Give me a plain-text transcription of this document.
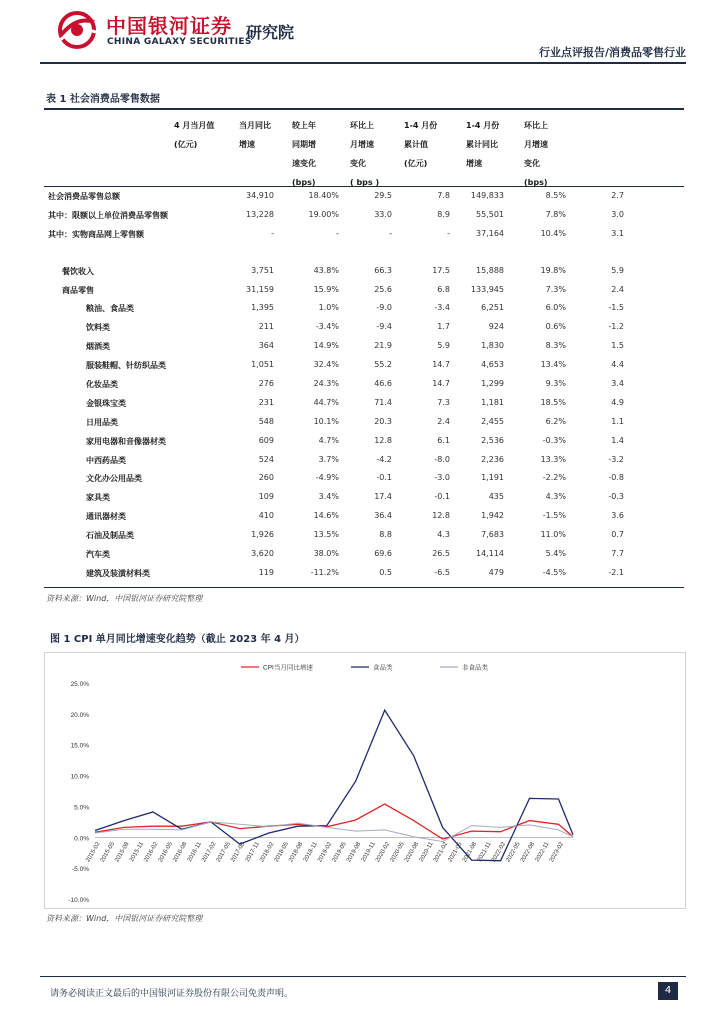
中国银河证券
CHINA GALAXY SECURITIES
研究院
行业点评报告/消费品零售行业
表 1 社会消费品零售数据
4 月当月值
(亿元)
当月同比
增速
较上年
同期增
速变化
(bps)
环比上
月增速
变化
( bps )
1-4 月份
累计值
(亿元)
1-4 月份
累计同比
增速
环比上
月增速
变化
(bps)
社会消费品零售总额	34,910	18.40%	29.5	7.8	149,833	8.5%	2.7
其中：限额以上单位消费品零售额	13,228	19.00%	33.0	8.9	55,501	7.8%	3.0
其中：实物商品网上零售额	-	-	-	-	37,164	10.4%	3.1
餐饮收入	3,751	43.8%	66.3	17.5	15,888	19.8%	5.9
商品零售	31,159	15.9%	25.6	6.8	133,945	7.3%	2.4
粮油、食品类	1,395	1.0%	-9.0	-3.4	6,251	6.0%	-1.5
饮料类	211	-3.4%	-9.4	1.7	924	0.6%	-1.2
烟酒类	364	14.9%	21.9	5.9	1,830	8.3%	1.5
服装鞋帽、针纺织品类	1,051	32.4%	55.2	14.7	4,653	13.4%	4.4
化妆品类	276	24.3%	46.6	14.7	1,299	9.3%	3.4
金银珠宝类	231	44.7%	71.4	7.3	1,181	18.5%	4.9
日用品类	548	10.1%	20.3	2.4	2,455	6.2%	1.1
家用电器和音像器材类	609	4.7%	12.8	6.1	2,536	-0.3%	1.4
中西药品类	524	3.7%	-4.2	-8.0	2,236	13.3%	-3.2
文化办公用品类	260	-4.9%	-0.1	-3.0	1,191	-2.2%	-0.8
家具类	109	3.4%	17.4	-0.1	435	4.3%	-0.3
通讯器材类	410	14.6%	36.4	12.8	1,942	-1.5%	3.6
石油及制品类	1,926	13.5%	8.8	4.3	7,683	11.0%	0.7
汽车类	3,620	38.0%	69.6	26.5	14,114	5.4%	7.7
建筑及装潢材料类	119	-11.2%	0.5	-6.5	479	-4.5%	-2.1
资料来源：Wind，中国银河证券研究院整理
图 1 CPI 单月同比增速变化趋势（截止 2023 年 4 月）
25.0%
20.0%
15.0%
10.0%
5.0%
0.0%
-5.0%
-10.0%
2015-02
2015-05
2015-08
2015-11
2016-02
2016-05
2016-08
2016-11
2017-02
2017-05
2017-08
2017-11
2018-02
2018-05
2018-08
2018-11
2019-02
2019-05
2019-08
2019-11
2020-02
2020-05
2020-08
2020-11
2021-02
2021-05
2021-08
2021-11
2022-02
2022-05
2022-08
2022-11
2023-02
CPI当月同比增速	食品类	非食品类
资料来源：Wind，中国银河证券研究院整理
请务必阅读正文最后的中国银河证券股份有限公司免责声明。	4
